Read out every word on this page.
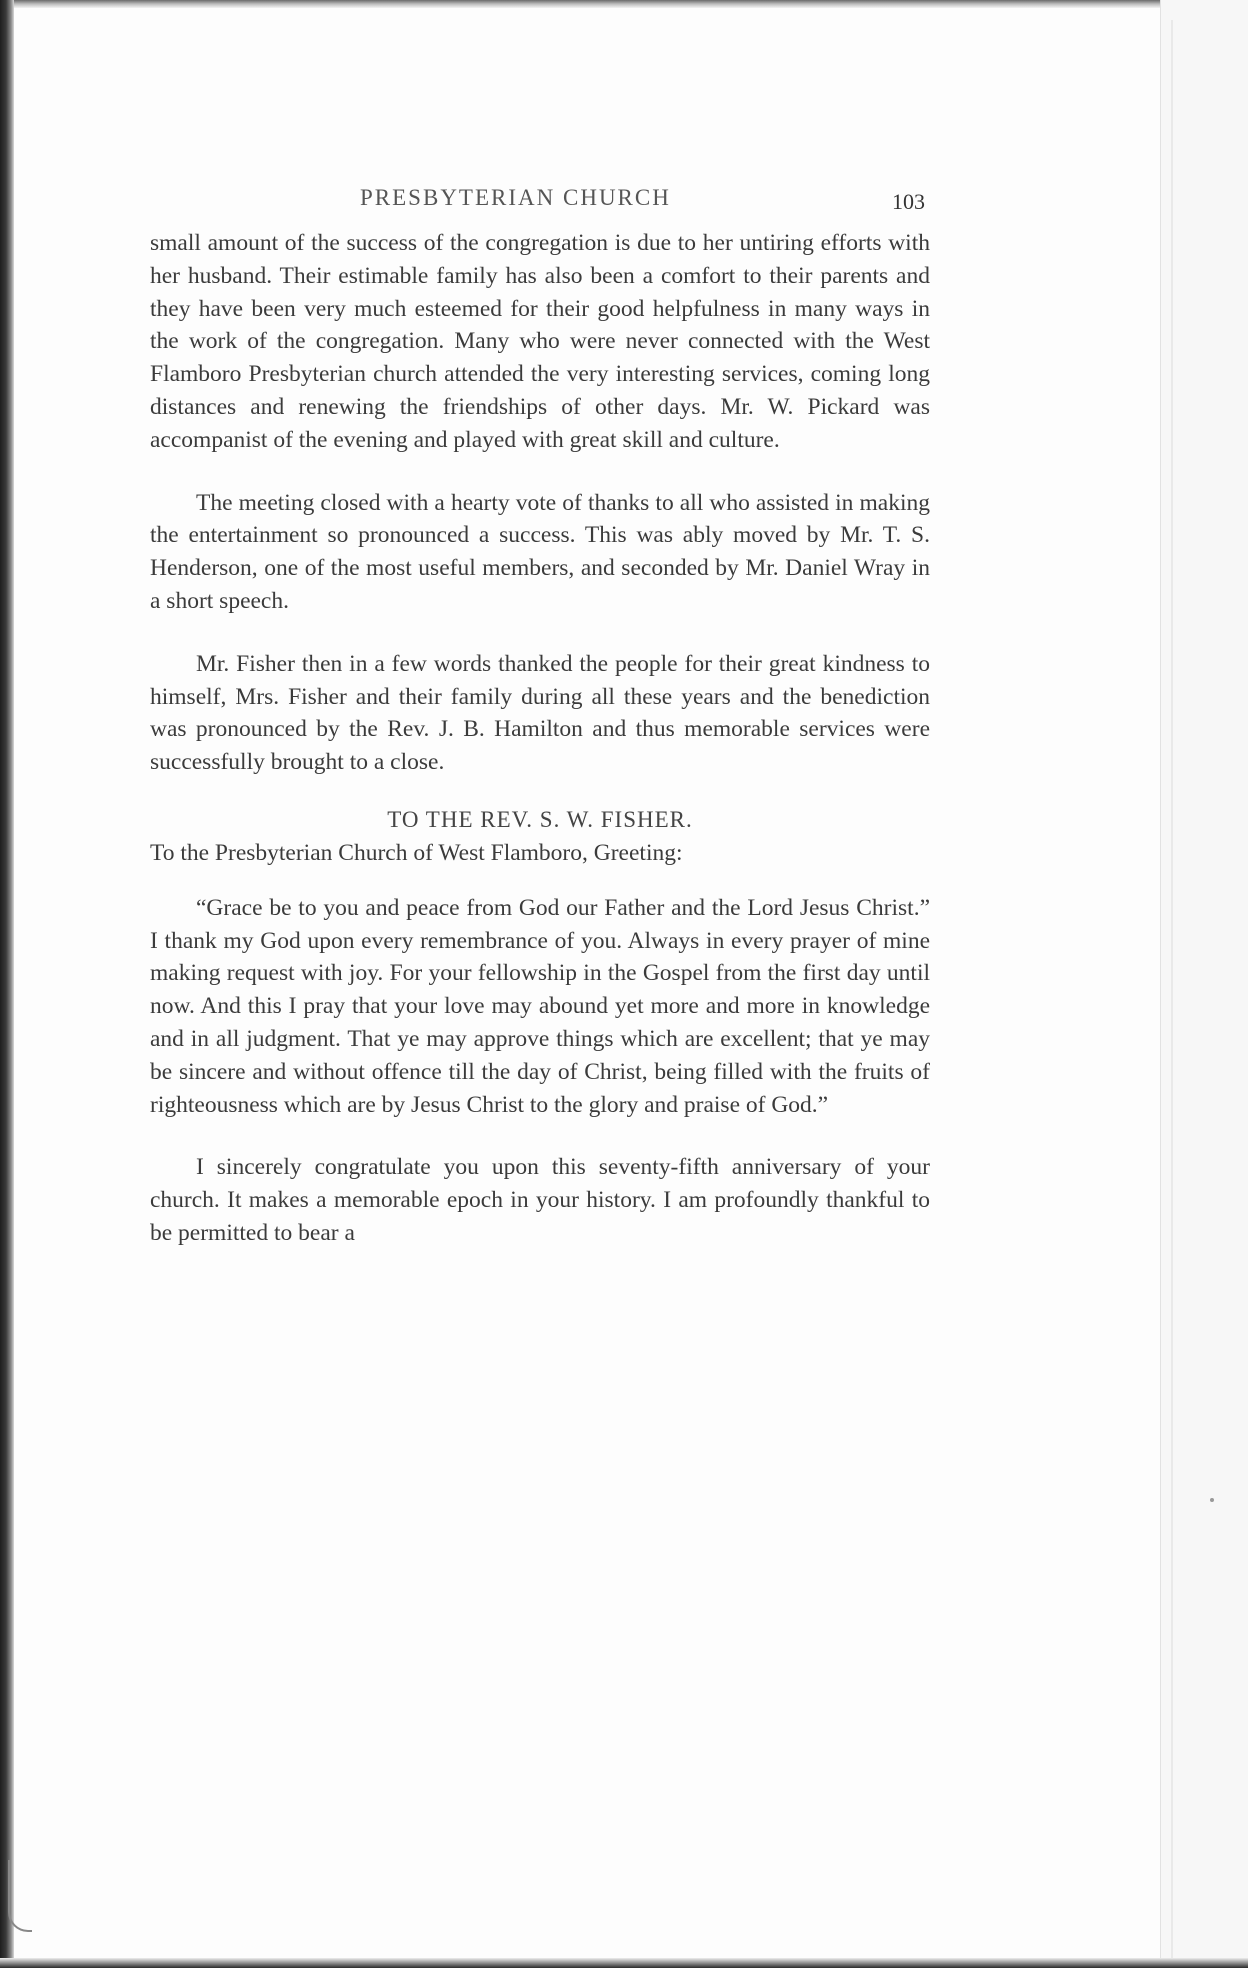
PRESBYTERIAN CHURCH	103

small amount of the success of the congregation is due to her untiring efforts with her husband. Their estimable family has also been a comfort to their parents and they have been very much esteemed for their good helpfulness in many ways in the work of the congregation. Many who were never connected with the West Flamboro Presbyterian church attended the very interesting services, coming long distances and renewing the friendships of other days. Mr. W. Pickard was accompanist of the evening and played with great skill and culture.

The meeting closed with a hearty vote of thanks to all who assisted in making the entertainment so pronounced a success. This was ably moved by Mr. T. S. Henderson, one of the most useful members, and seconded by Mr. Daniel Wray in a short speech.

Mr. Fisher then in a few words thanked the people for their great kindness to himself, Mrs. Fisher and their family during all these years and the benediction was pronounced by the Rev. J. B. Hamilton and thus memorable services were successfully brought to a close.

TO THE REV. S. W. FISHER.

To the Presbyterian Church of West Flamboro, Greeting:

“Grace be to you and peace from God our Father and the Lord Jesus Christ.” I thank my God upon every remembrance of you. Always in every prayer of mine making request with joy. For your fellowship in the Gospel from the first day until now. And this I pray that your love may abound yet more and more in knowledge and in all judgment. That ye may approve things which are excellent; that ye may be sincere and without offence till the day of Christ, being filled with the fruits of righteousness which are by Jesus Christ to the glory and praise of God.”

I sincerely congratulate you upon this seventy-fifth anniversary of your church. It makes a memorable epoch in your history. I am profoundly thankful to be permitted to bear a
